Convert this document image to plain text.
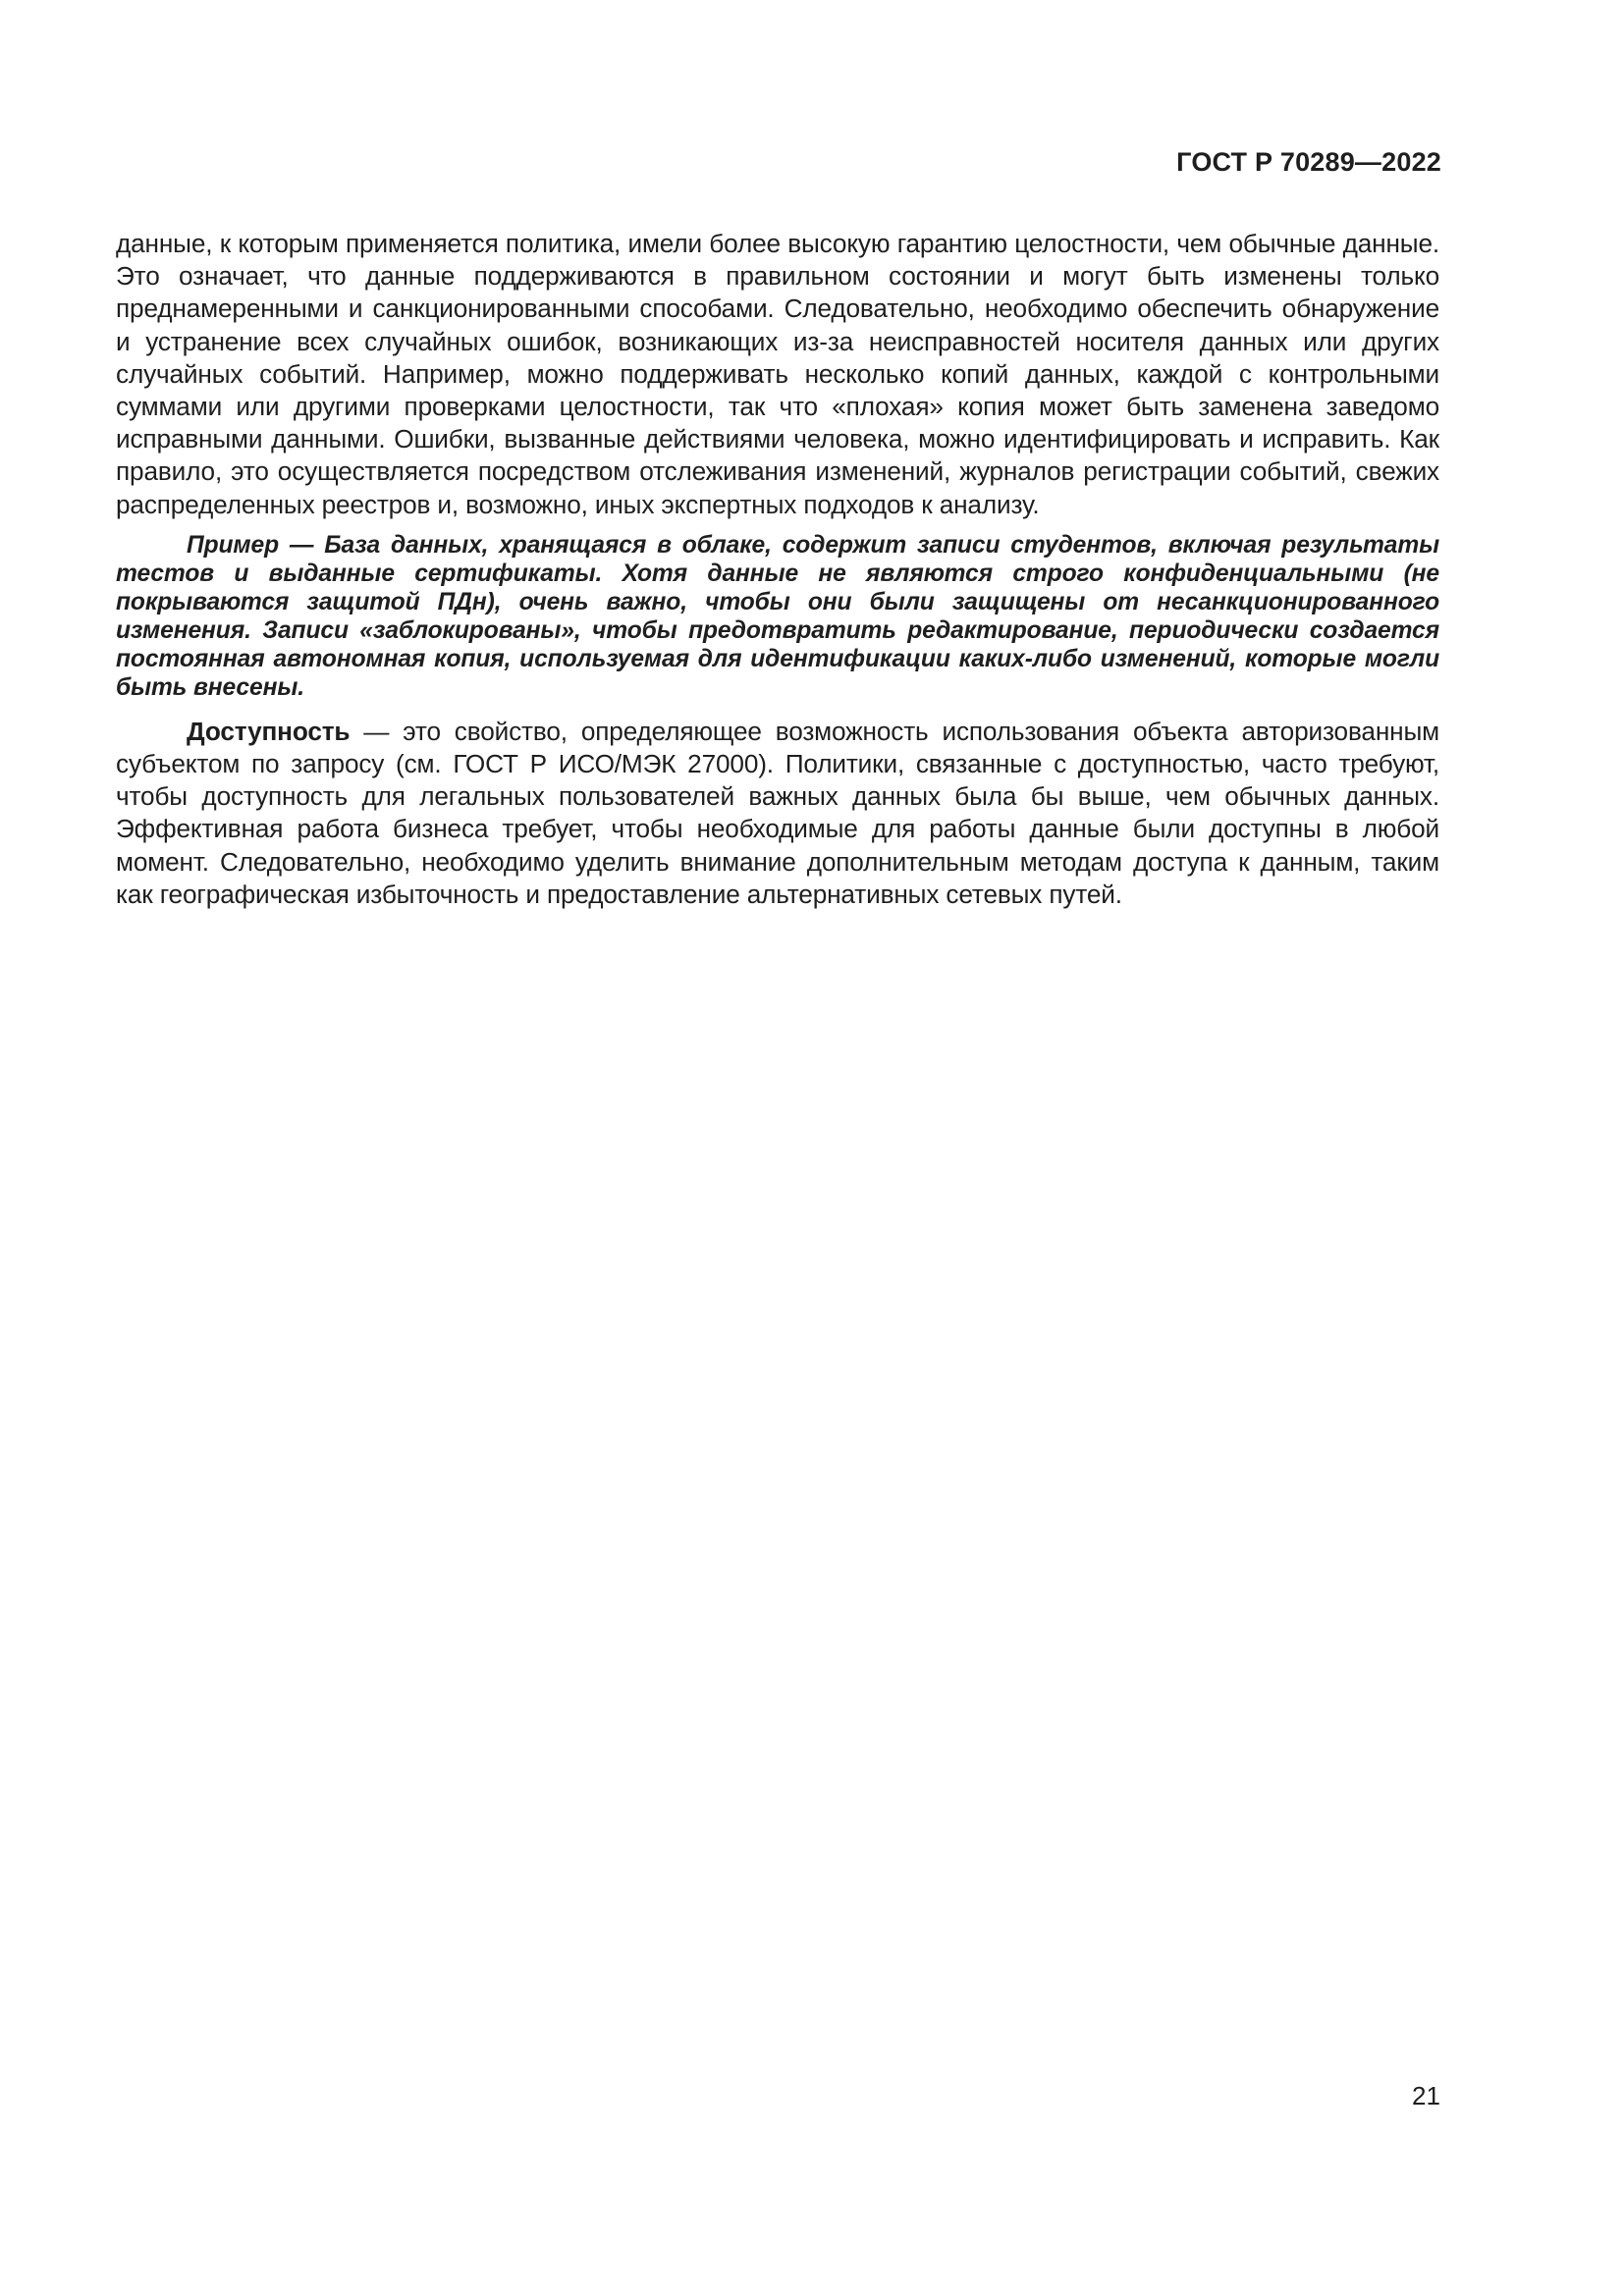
ГОСТ Р 70289—2022

данные, к которым применяется политика, имели более высокую гарантию целостности, чем обычные данные. Это означает, что данные поддерживаются в правильном состоянии и могут быть изменены только преднамеренными и санкционированными способами. Следовательно, необходимо обеспечить обнаружение и устранение всех случайных ошибок, возникающих из-за неисправностей носителя данных или других случайных событий. Например, можно поддерживать несколько копий данных, каждой с контрольными суммами или другими проверками целостности, так что «плохая» копия может быть заменена заведомо исправными данными. Ошибки, вызванные действиями человека, можно идентифицировать и исправить. Как правило, это осуществляется посредством отслеживания изменений, журналов регистрации событий, свежих распределенных реестров и, возможно, иных экспертных подходов к анализу.

Пример — База данных, хранящаяся в облаке, содержит записи студентов, включая результаты тестов и выданные сертификаты. Хотя данные не являются строго конфиденциальными (не покрываются защитой ПДн), очень важно, чтобы они были защищены от несанкционированного изменения. Записи «заблокированы», чтобы предотвратить редактирование, периодически создается постоянная автономная копия, используемая для идентификации каких-либо изменений, которые могли быть внесены.

Доступность — это свойство, определяющее возможность использования объекта авторизованным субъектом по запросу (см. ГОСТ Р ИСО/МЭК 27000). Политики, связанные с доступностью, часто требуют, чтобы доступность для легальных пользователей важных данных была бы выше, чем обычных данных. Эффективная работа бизнеса требует, чтобы необходимые для работы данные были доступны в любой момент. Следовательно, необходимо уделить внимание дополнительным методам доступа к данным, таким как географическая избыточность и предоставление альтернативных сетевых путей.

21
